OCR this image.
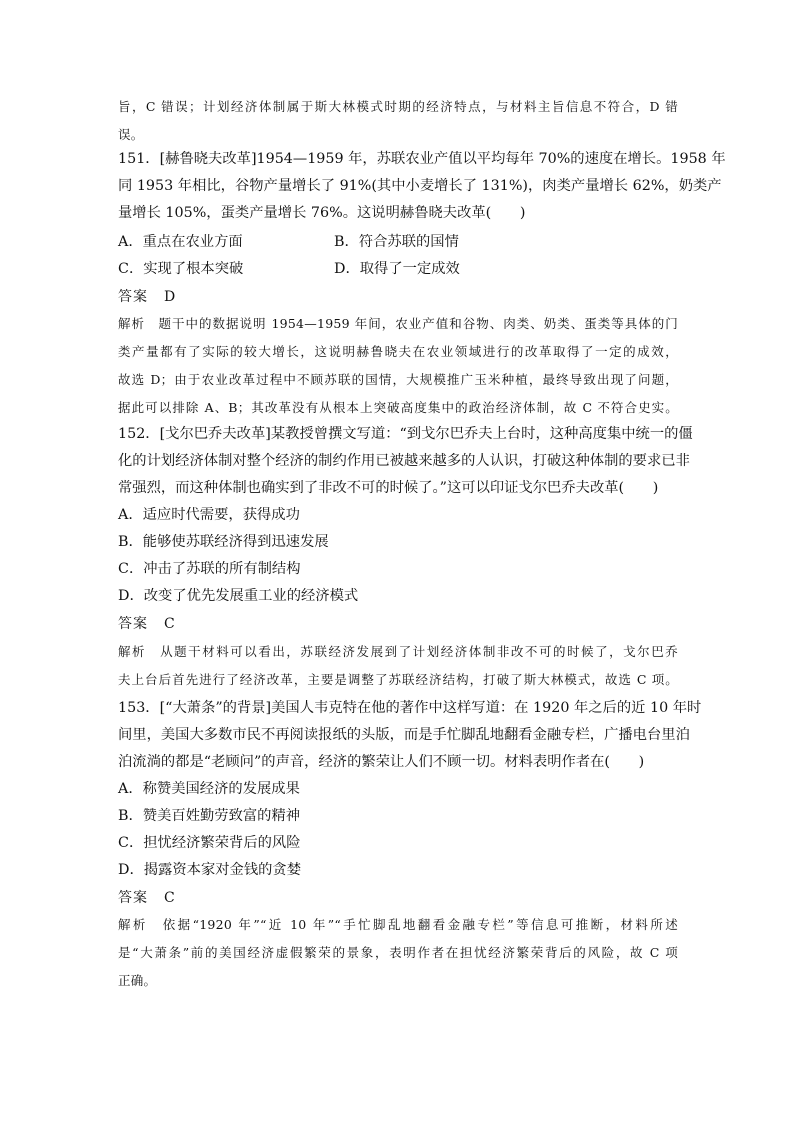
旨，C 错误；计划经济体制属于斯大林模式时期的经济特点，与材料主旨信息不符合，D 错
误。
151．[赫鲁晓夫改革]1954—1959 年，苏联农业产值以平均每年 70%的速度在增长。1958 年
同 1953 年相比，谷物产量增长了 91%(其中小麦增长了 131%)，肉类产量增长 62%，奶类产
量增长 105%，蛋类产量增长 76%。这说明赫鲁晓夫改革(　　)
A．重点在农业方面	B．符合苏联的国情
C．实现了根本突破	D．取得了一定成效
答案 D
解析　题干中的数据说明 1954—1959 年间，农业产值和谷物、肉类、奶类、蛋类等具体的门
类产量都有了实际的较大增长，这说明赫鲁晓夫在农业领域进行的改革取得了一定的成效，
故选 D；由于农业改革过程中不顾苏联的国情，大规模推广玉米种植，最终导致出现了问题，
据此可以排除 A、B；其改革没有从根本上突破高度集中的政治经济体制，故 C 不符合史实。
152．[戈尔巴乔夫改革]某教授曾撰文写道：“到戈尔巴乔夫上台时，这种高度集中统一的僵
化的计划经济体制对整个经济的制约作用已被越来越多的人认识，打破这种体制的要求已非
常强烈，而这种体制也确实到了非改不可的时候了。”这可以印证戈尔巴乔夫改革(　　)
A．适应时代需要，获得成功
B．能够使苏联经济得到迅速发展
C．冲击了苏联的所有制结构
D．改变了优先发展重工业的经济模式
答案 C
解析　从题干材料可以看出，苏联经济发展到了计划经济体制非改不可的时候了，戈尔巴乔
夫上台后首先进行了经济改革，主要是调整了苏联经济结构，打破了斯大林模式，故选 C 项。
153．[“大萧条”的背景]美国人韦克特在他的著作中这样写道：在 1920 年之后的近 10 年时
间里，美国大多数市民不再阅读报纸的头版，而是手忙脚乱地翻看金融专栏，广播电台里泊
泊流淌的都是“老顾问”的声音，经济的繁荣让人们不顾一切。材料表明作者在(　　)
A．称赞美国经济的发展成果
B．赞美百姓勤劳致富的精神
C．担忧经济繁荣背后的风险
D．揭露资本家对金钱的贪婪
答案 C
解析　依据“1920 年”“近 10 年”“手忙脚乱地翻看金融专栏”等信息可推断，材料所述
是“大萧条”前的美国经济虚假繁荣的景象，表明作者在担忧经济繁荣背后的风险，故 C 项
正确。
